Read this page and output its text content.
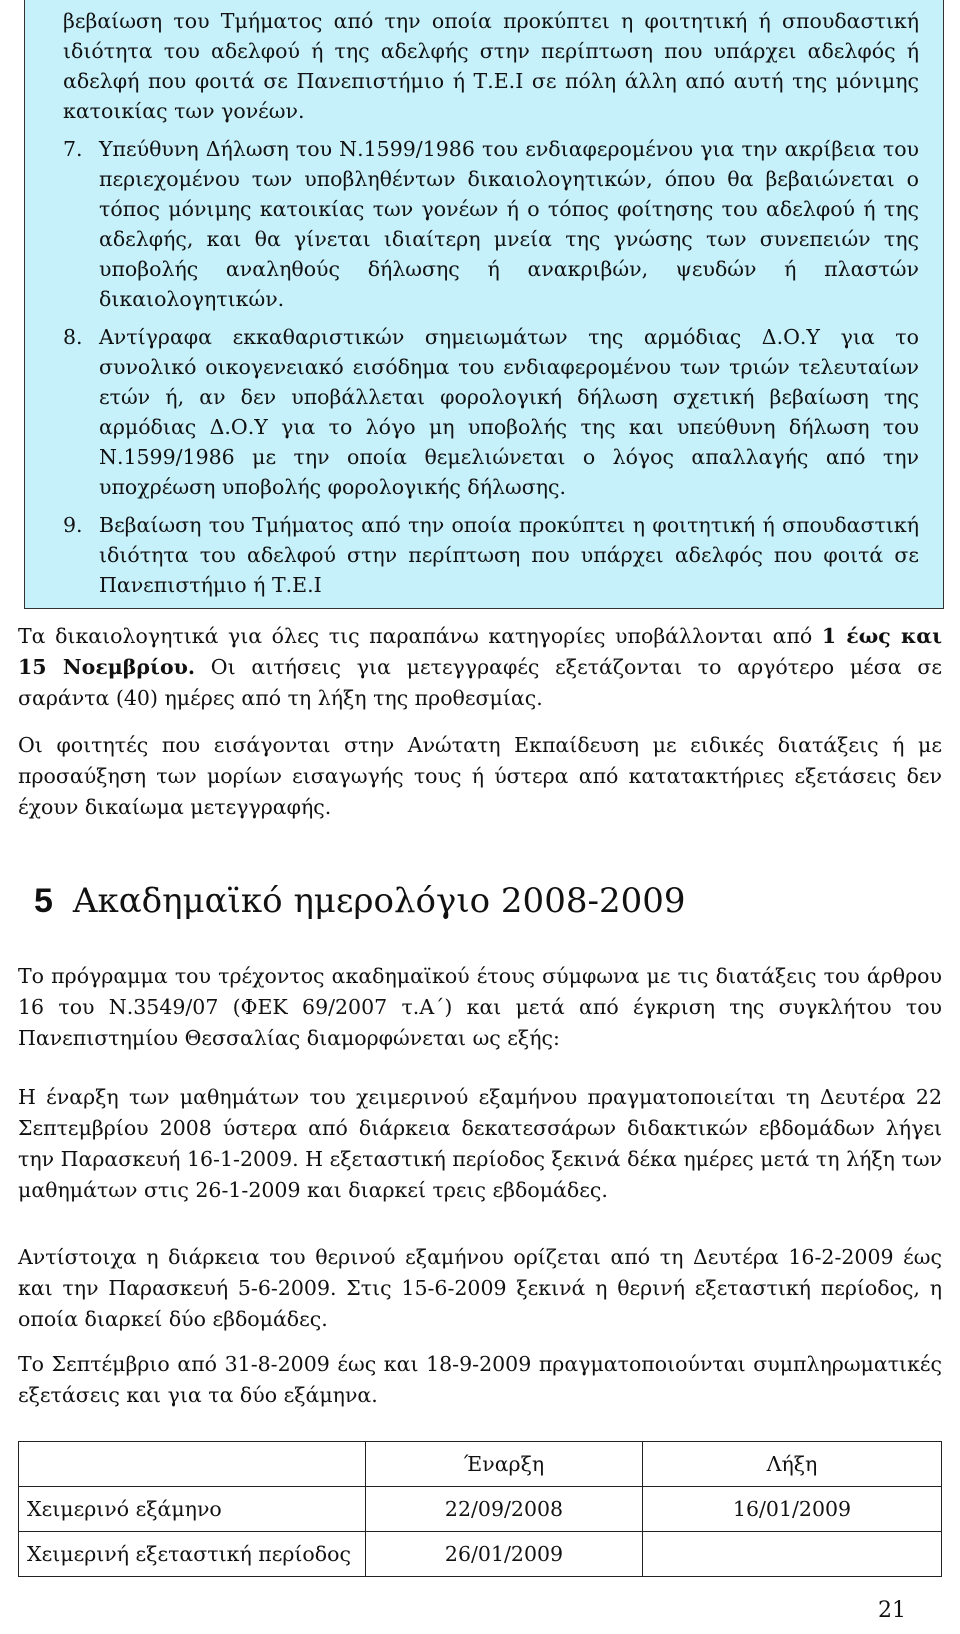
βεβαίωση του Τμήματος από την οποία προκύπτει η φοιτητική ή σπουδαστική ιδιότητα του αδελφού ή της αδελφής στην περίπτωση που υπάρχει αδελφός ή αδελφή που φοιτά σε Πανεπιστήμιο ή Τ.Ε.Ι σε πόλη άλλη από αυτή της μόνιμης κατοικίας των γονέων.

7. Υπεύθυνη Δήλωση του Ν.1599/1986 του ενδιαφερομένου για την ακρίβεια του περιεχομένου των υποβληθέντων δικαιολογητικών, όπου θα βεβαιώνεται ο τόπος μόνιμης κατοικίας των γονέων ή ο τόπος φοίτησης του αδελφού ή της αδελφής, και θα γίνεται ιδιαίτερη μνεία της γνώσης των συνεπειών της υποβολής αναληθούς δήλωσης ή ανακριβών, ψευδών ή πλαστών δικαιολογητικών.
8. Αντίγραφα εκκαθαριστικών σημειωμάτων της αρμόδιας Δ.Ο.Υ για το συνολικό οικογενειακό εισόδημα του ενδιαφερομένου των τριών τελευταίων ετών ή, αν δεν υποβάλλεται φορολογική δήλωση σχετική βεβαίωση της αρμόδιας Δ.Ο.Υ για το λόγο μη υποβολής της και υπεύθυνη δήλωση του Ν.1599/1986 με την οποία θεμελιώνεται ο λόγος απαλλαγής από την υποχρέωση υποβολής φορολογικής δήλωσης.
9. Βεβαίωση του Τμήματος από την οποία προκύπτει η φοιτητική ή σπουδαστική ιδιότητα του αδελφού στην περίπτωση που υπάρχει αδελφός που φοιτά σε Πανεπιστήμιο ή Τ.Ε.Ι

Τα δικαιολογητικά για όλες τις παραπάνω κατηγορίες υποβάλλονται από 1 έως και 15 Νοεμβρίου. Οι αιτήσεις για μετεγγραφές εξετάζονται το αργότερο μέσα σε σαράντα (40) ημέρες από τη λήξη της προθεσμίας.

Οι φοιτητές που εισάγονται στην Ανώτατη Εκπαίδευση με ειδικές διατάξεις ή με προσαύξηση των μορίων εισαγωγής τους ή ύστερα από κατατακτήριες εξετάσεις δεν έχουν δικαίωμα μετεγγραφής.

5 Ακαδημαϊκό ημερολόγιο 2008-2009

Το πρόγραμμα του τρέχοντος ακαδημαϊκού έτους σύμφωνα με τις διατάξεις του άρθρου 16 του Ν.3549/07 (ΦΕΚ 69/2007 τ.Α΄) και μετά από έγκριση της συγκλήτου του Πανεπιστημίου Θεσσαλίας διαμορφώνεται ως εξής:

Η έναρξη των μαθημάτων του χειμερινού εξαμήνου πραγματοποιείται τη Δευτέρα 22 Σεπτεμβρίου 2008 ύστερα από διάρκεια δεκατεσσάρων διδακτικών εβδομάδων λήγει την Παρασκευή 16-1-2009. Η εξεταστική περίοδος ξεκινά δέκα ημέρες μετά τη λήξη των μαθημάτων στις 26-1-2009 και διαρκεί τρεις εβδομάδες.

Αντίστοιχα η διάρκεια του θερινού εξαμήνου ορίζεται από τη Δευτέρα 16-2-2009 έως και την Παρασκευή 5-6-2009. Στις 15-6-2009 ξεκινά η θερινή εξεταστική περίοδος, η οποία διαρκεί δύο εβδομάδες.

Το Σεπτέμβριο από 31-8-2009 έως και 18-9-2009 πραγματοποιούνται συμπληρωματικές εξετάσεις και για τα δύο εξάμηνα.

	Έναρξη	Λήξη
Χειμερινό εξάμηνο	22/09/2008	16/01/2009
Χειμερινή εξεταστική περίοδος	26/01/2009	
21
